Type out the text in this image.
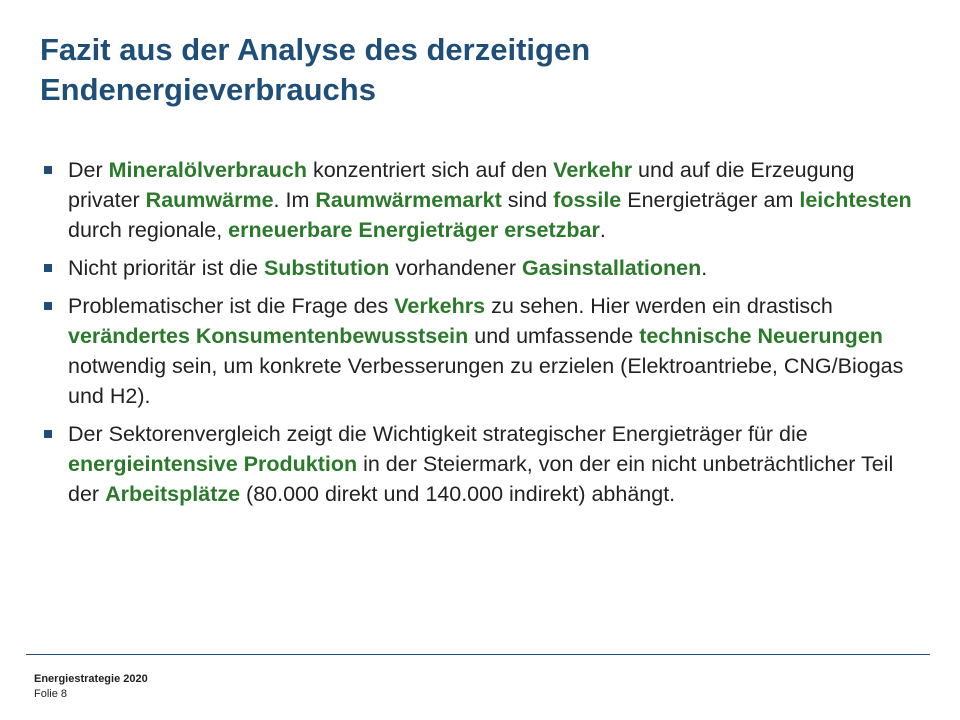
Fazit aus der Analyse des derzeitigen
Endenergieverbrauchs
Der Mineralölverbrauch konzentriert sich auf den Verkehr und auf die Erzeugung privater Raumwärme. Im Raumwärmemarkt sind fossile Energieträger am leichtesten durch regionale, erneuerbare Energieträger ersetzbar.
Nicht prioritär ist die Substitution vorhandener Gasinstallationen.
Problematischer ist die Frage des Verkehrs zu sehen. Hier werden ein drastisch verändertes Konsumentenbewusstsein und umfassende technische Neuerungen notwendig sein, um konkrete Verbesserungen zu erzielen (Elektroantriebe, CNG/Biogas und H2).
Der Sektorenvergleich zeigt die Wichtigkeit strategischer Energieträger für die energieintensive Produktion in der Steiermark, von der ein nicht unbeträchtlicher Teil der Arbeitsplätze (80.000 direkt und 140.000 indirekt) abhängt.
Energiestrategie 2020
Folie 8
